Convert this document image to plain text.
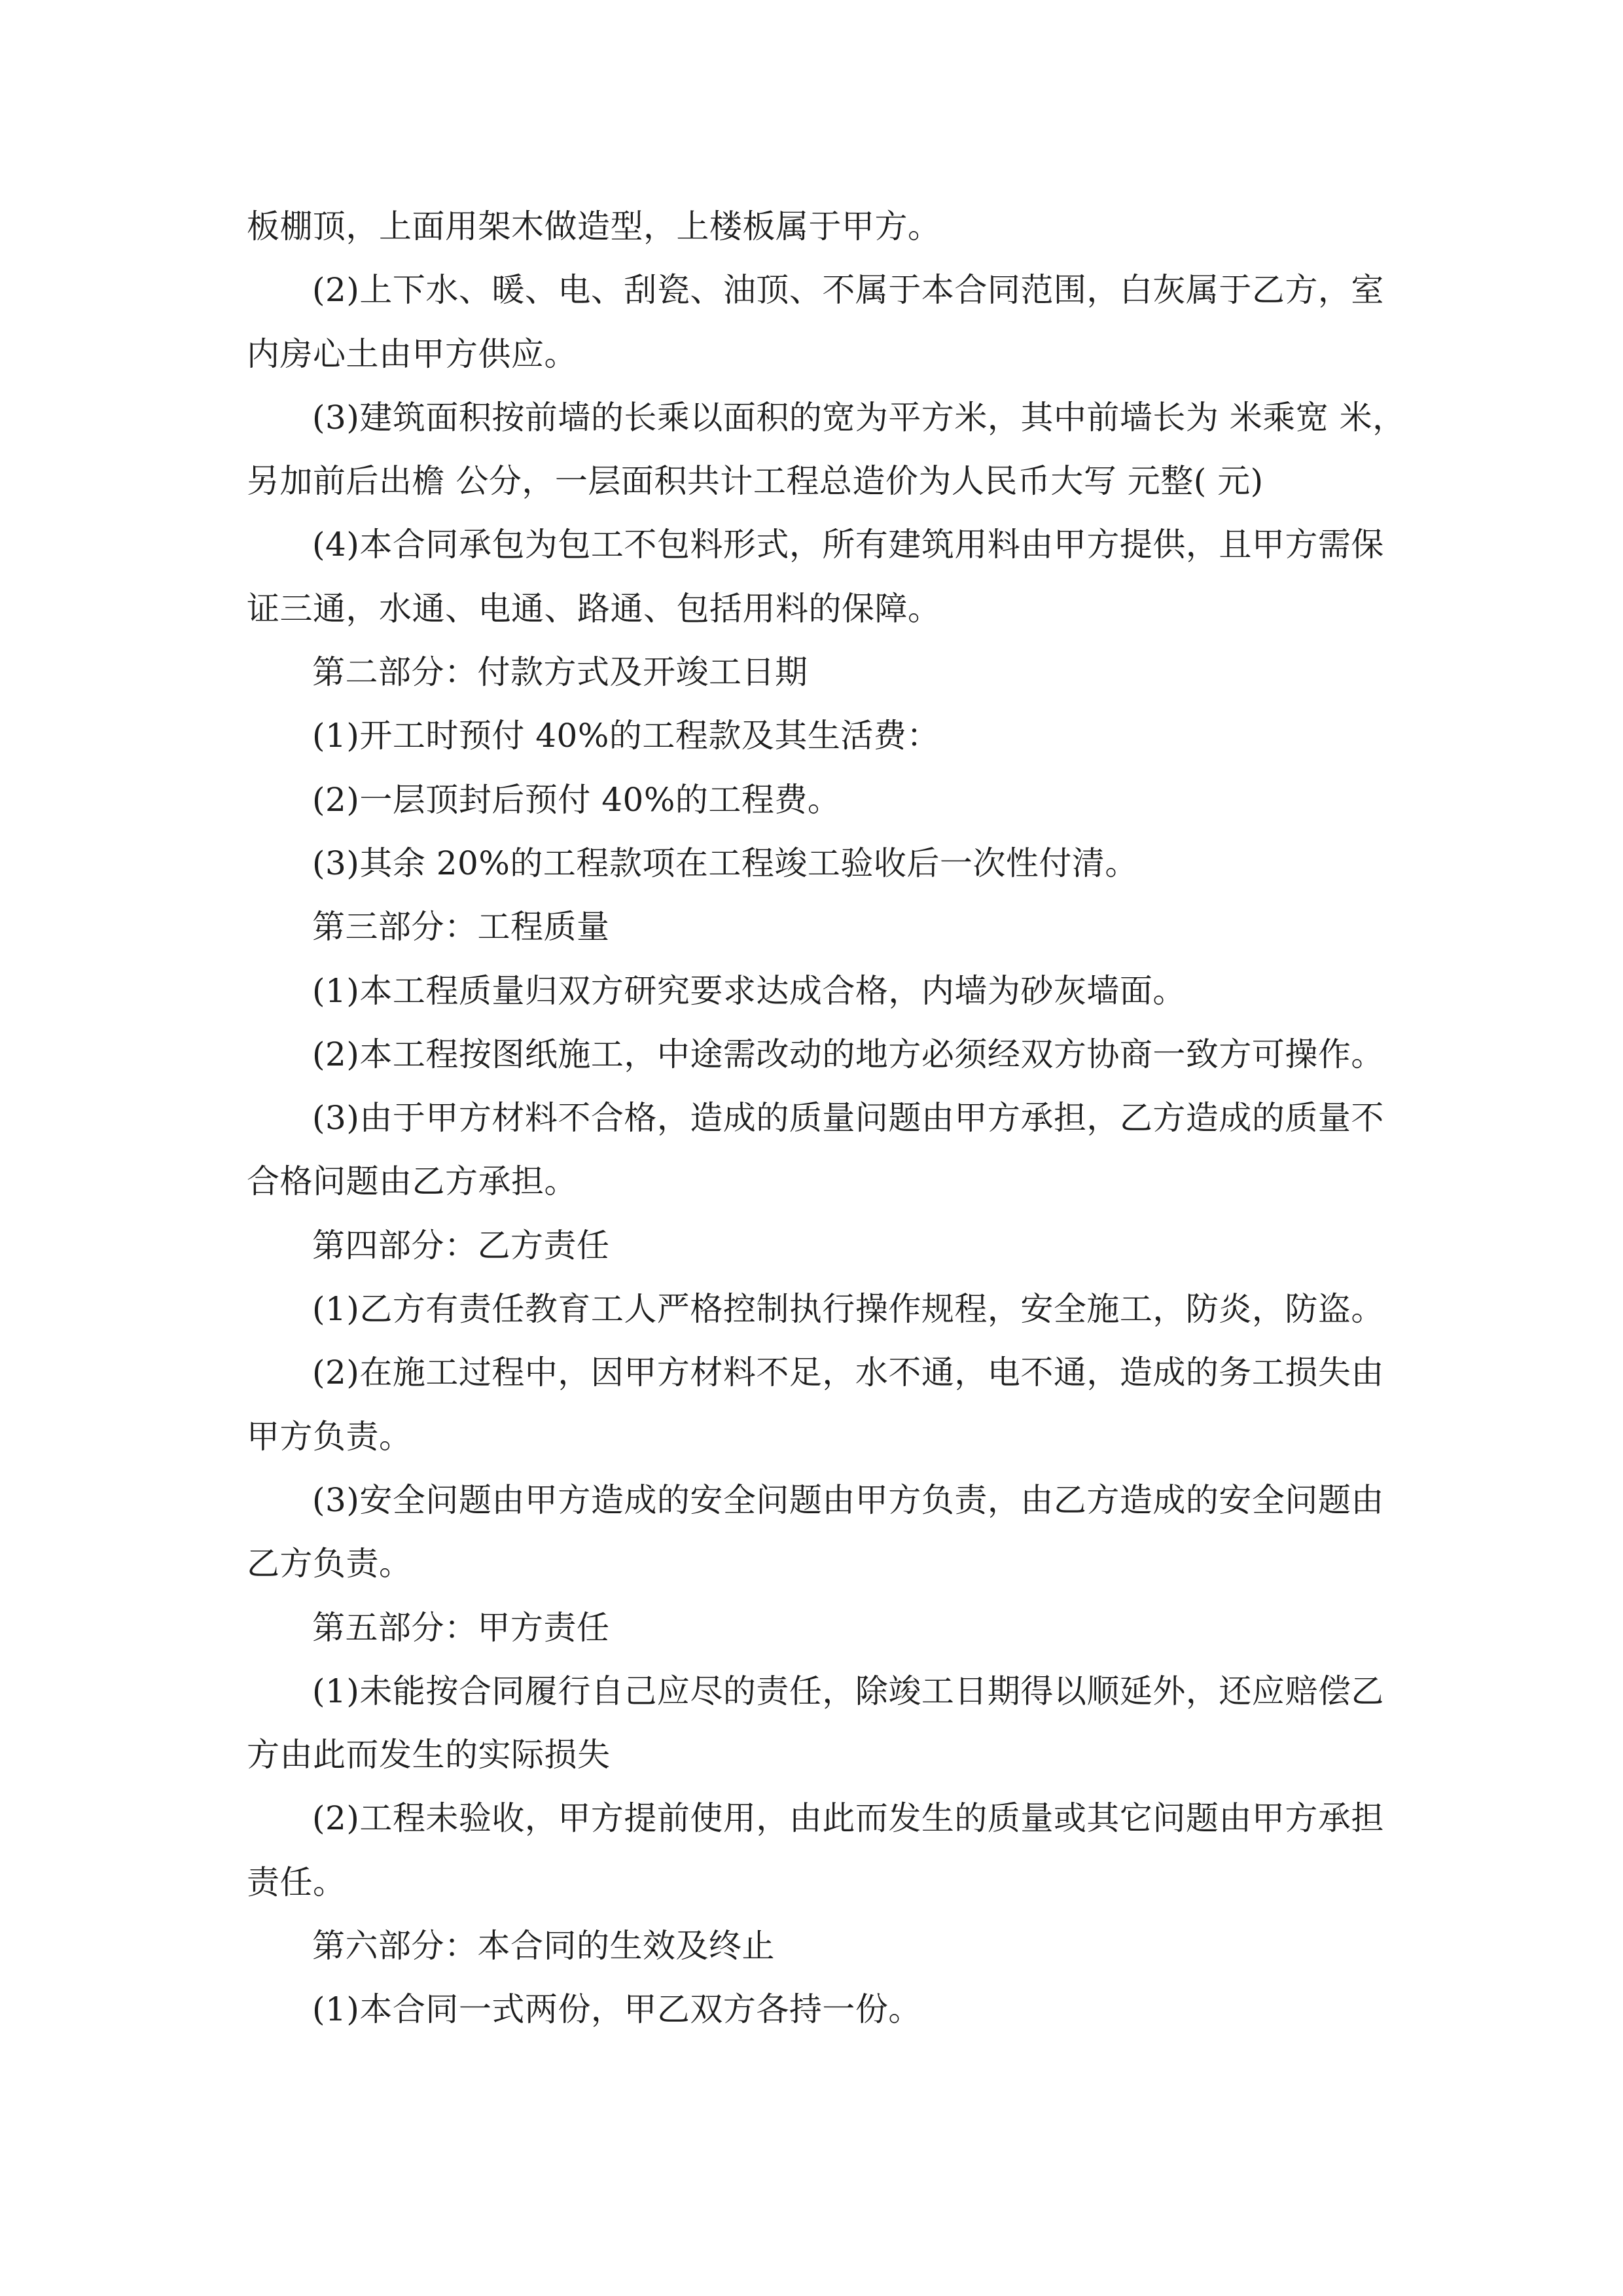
板棚顶，上面用架木做造型，上楼板属于甲方。
(2)上下水、暖、电、刮瓷、油顶、不属于本合同范围，白灰属于乙方，室
内房心土由甲方供应。
(3)建筑面积按前墙的长乘以面积的宽为平方米，其中前墙长为 米乘宽 米，
另加前后出檐 公分，一层面积共计工程总造价为人民币大写 元整( 元)
(4)本合同承包为包工不包料形式，所有建筑用料由甲方提供，且甲方需保
证三通，水通、电通、路通、包括用料的保障。
第二部分：付款方式及开竣工日期
(1)开工时预付 40%的工程款及其生活费：
(2)一层顶封后预付 40%的工程费。
(3)其余 20%的工程款项在工程竣工验收后一次性付清。
第三部分：工程质量
(1)本工程质量归双方研究要求达成合格，内墙为砂灰墙面。
(2)本工程按图纸施工，中途需改动的地方必须经双方协商一致方可操作。
(3)由于甲方材料不合格，造成的质量问题由甲方承担，乙方造成的质量不
合格问题由乙方承担。
第四部分：乙方责任
(1)乙方有责任教育工人严格控制执行操作规程，安全施工，防炎，防盗。
(2)在施工过程中，因甲方材料不足，水不通，电不通，造成的务工损失由
甲方负责。
(3)安全问题由甲方造成的安全问题由甲方负责，由乙方造成的安全问题由
乙方负责。
第五部分：甲方责任
(1)未能按合同履行自己应尽的责任，除竣工日期得以顺延外，还应赔偿乙
方由此而发生的实际损失
(2)工程未验收，甲方提前使用，由此而发生的质量或其它问题由甲方承担
责任。
第六部分：本合同的生效及终止
(1)本合同一式两份，甲乙双方各持一份。
